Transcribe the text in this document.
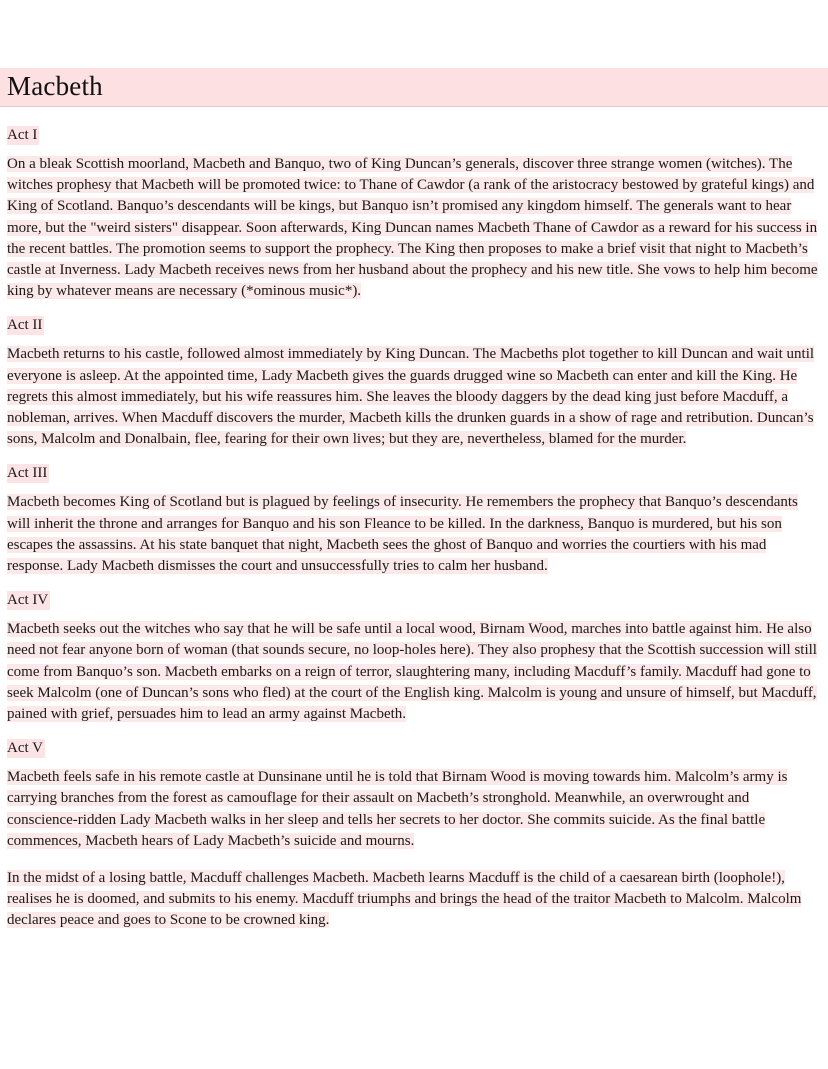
Macbeth
Act I

On a bleak Scottish moorland, Macbeth and Banquo, two of King Duncan’s generals, discover three strange women (witches). The witches prophesy that Macbeth will be promoted twice: to Thane of Cawdor (a rank of the aristocracy bestowed by grateful kings) and King of Scotland. Banquo’s descendants will be kings, but Banquo isn’t promised any kingdom himself. The generals want to hear more, but the "weird sisters" disappear. Soon afterwards, King Duncan names Macbeth Thane of Cawdor as a reward for his success in the recent battles. The promotion seems to support the prophecy. The King then proposes to make a brief visit that night to Macbeth’s castle at Inverness. Lady Macbeth receives news from her husband about the prophecy and his new title. She vows to help him become king by whatever means are necessary (*ominous music*).

Act II

Macbeth returns to his castle, followed almost immediately by King Duncan. The Macbeths plot together to kill Duncan and wait until everyone is asleep. At the appointed time, Lady Macbeth gives the guards drugged wine so Macbeth can enter and kill the King. He regrets this almost immediately, but his wife reassures him. She leaves the bloody daggers by the dead king just before Macduff, a nobleman, arrives. When Macduff discovers the murder, Macbeth kills the drunken guards in a show of rage and retribution. Duncan’s sons, Malcolm and Donalbain, flee, fearing for their own lives; but they are, nevertheless, blamed for the murder.

Act III

Macbeth becomes King of Scotland but is plagued by feelings of insecurity. He remembers the prophecy that Banquo’s descendants will inherit the throne and arranges for Banquo and his son Fleance to be killed. In the darkness, Banquo is murdered, but his son escapes the assassins. At his state banquet that night, Macbeth sees the ghost of Banquo and worries the courtiers with his mad response. Lady Macbeth dismisses the court and unsuccessfully tries to calm her husband.

Act IV

Macbeth seeks out the witches who say that he will be safe until a local wood, Birnam Wood, marches into battle against him. He also need not fear anyone born of woman (that sounds secure, no loop-holes here). They also prophesy that the Scottish succession will still come from Banquo’s son. Macbeth embarks on a reign of terror, slaughtering many, including Macduff’s family. Macduff had gone to seek Malcolm (one of Duncan’s sons who fled) at the court of the English king. Malcolm is young and unsure of himself, but Macduff, pained with grief, persuades him to lead an army against Macbeth.

Act V

Macbeth feels safe in his remote castle at Dunsinane until he is told that Birnam Wood is moving towards him. Malcolm’s army is carrying branches from the forest as camouflage for their assault on Macbeth’s stronghold. Meanwhile, an overwrought and conscience-ridden Lady Macbeth walks in her sleep and tells her secrets to her doctor. She commits suicide. As the final battle commences, Macbeth hears of Lady Macbeth’s suicide and mourns.

In the midst of a losing battle, Macduff challenges Macbeth. Macbeth learns Macduff is the child of a caesarean birth (loophole!), realises he is doomed, and submits to his enemy. Macduff triumphs and brings the head of the traitor Macbeth to Malcolm. Malcolm declares peace and goes to Scone to be crowned king.
